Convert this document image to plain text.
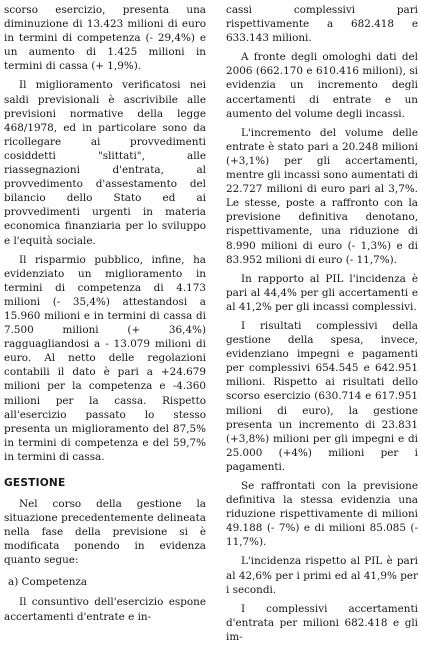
scorso esercizio, presenta una diminuzione di 13.423 milioni di euro in termini di competenza (- 29,4%) e un aumento di 1.425 milioni in termini di cassa (+ 1,9%).

Il miglioramento verificatosi nei saldi previsionali è ascrivibile alle previsioni normative della legge 468/1978, ed in particolare sono da ricollegare ai provvedimenti cosiddetti "slittati", alle riassegnazioni d'entrata, al provvedimento d'assestamento del bilancio dello Stato ed ai provvedimenti urgenti in materia economica finanziaria per lo sviluppo e l'equità sociale.

Il risparmio pubblico, infine, ha evidenziato un miglioramento in termini di competenza di 4.173 milioni (- 35,4%) attestandosi a 15.960 milioni e in termini di cassa di 7.500 milioni (+ 36,4%) ragguagliandosi a - 13.079 milioni di euro. Al netto delle regolazioni contabili il dato è pari a +24.679 milioni per la competenza e -4.360 milioni per la cassa. Rispetto all'esercizio passato lo stesso presenta un miglioramento del 87,5% in termini di competenza e del 59,7% in termini di cassa.

GESTIONE

Nel corso della gestione la situazione precedentemente delineata nella fase della previsione si è modificata ponendo in evidenza quanto segue:

a) Competenza

Il consuntivo dell'esercizio espone accertamenti d'entrate e in-

cassi complessivi pari rispettivamente a 682.418 e 633.143 milioni.

A fronte degli omologhi dati del 2006 (662.170 e 610.416 milioni), si evidenzia un incremento degli accertamenti di entrate e un aumento del volume degli incassi.

L'incremento del volume delle entrate è stato pari a 20.248 milioni (+3,1%) per gli accertamenti, mentre gli incassi sono aumentati di 22.727 milioni di euro pari al 3,7%. Le stesse, poste a raffronto con la previsione definitiva denotano, rispettivamente, una riduzione di 8.990 milioni di euro (- 1,3%) e di 83.952 milioni di euro (- 11,7%).

In rapporto al PIL l'incidenza è pari al 44,4% per gli accertamenti e al 41,2% per gli incassi complessivi.

I risultati complessivi della gestione della spesa, invece, evidenziano impegni e pagamenti per complessivi 654.545 e 642.951 milioni. Rispetto ai risultati dello scorso esercizio (630.714 e 617.951 milioni di euro), la gestione presenta un incremento di 23.831 (+3,8%) milioni per gli impegni e di 25.000 (+4%) milioni per i pagamenti.

Se raffrontati con la previsione definitiva la stessa evidenzia una riduzione rispettivamente di milioni 49.188 (- 7%) e di milioni 85.085 (- 11,7%).

L'incidenza rispetto al PIL è pari al 42,6% per i primi ed al 41,9% per i secondi.

I complessivi accertamenti d'entrata per milioni 682.418 e gli im-
